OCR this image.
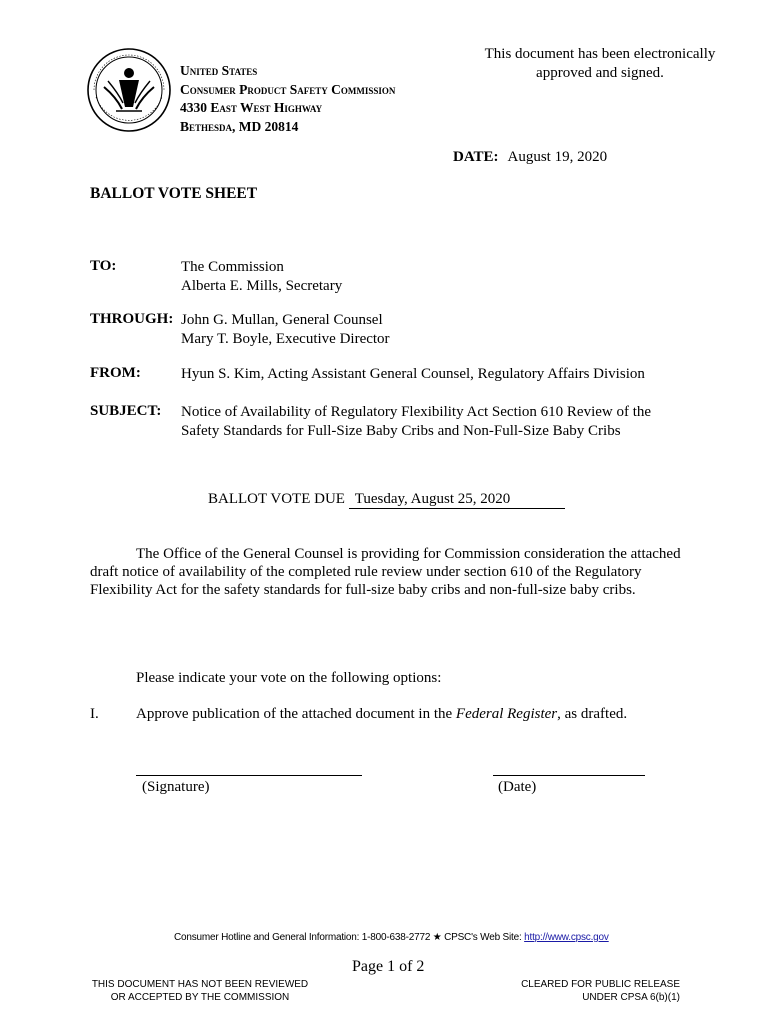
United States
Consumer Product Safety Commission
4330 East West Highway
Bethesda, MD 20814
This document has been electronically approved and signed.
DATE: August 19, 2020
BALLOT VOTE SHEET
TO:	The Commission
Alberta E. Mills, Secretary
THROUGH: John G. Mullan, General Counsel
Mary T. Boyle, Executive Director
FROM:	Hyun S. Kim, Acting Assistant General Counsel, Regulatory Affairs Division
SUBJECT: Notice of Availability of Regulatory Flexibility Act Section 610 Review of the
Safety Standards for Full-Size Baby Cribs and Non-Full-Size Baby Cribs
BALLOT VOTE DUE Tuesday, August 25, 2020
The Office of the General Counsel is providing for Commission consideration the attached draft notice of availability of the completed rule review under section 610 of the Regulatory Flexibility Act for the safety standards for full-size baby cribs and non-full-size baby cribs.
Please indicate your vote on the following options:
I. Approve publication of the attached document in the Federal Register, as drafted.
(Signature)	(Date)
Consumer Hotline and General Information: 1-800-638-2772 ★ CPSC's Web Site: http://www.cpsc.gov
Page 1 of 2
THIS DOCUMENT HAS NOT BEEN REVIEWED
OR ACCEPTED BY THE COMMISSION
CLEARED FOR PUBLIC RELEASE
UNDER CPSA 6(b)(1)
